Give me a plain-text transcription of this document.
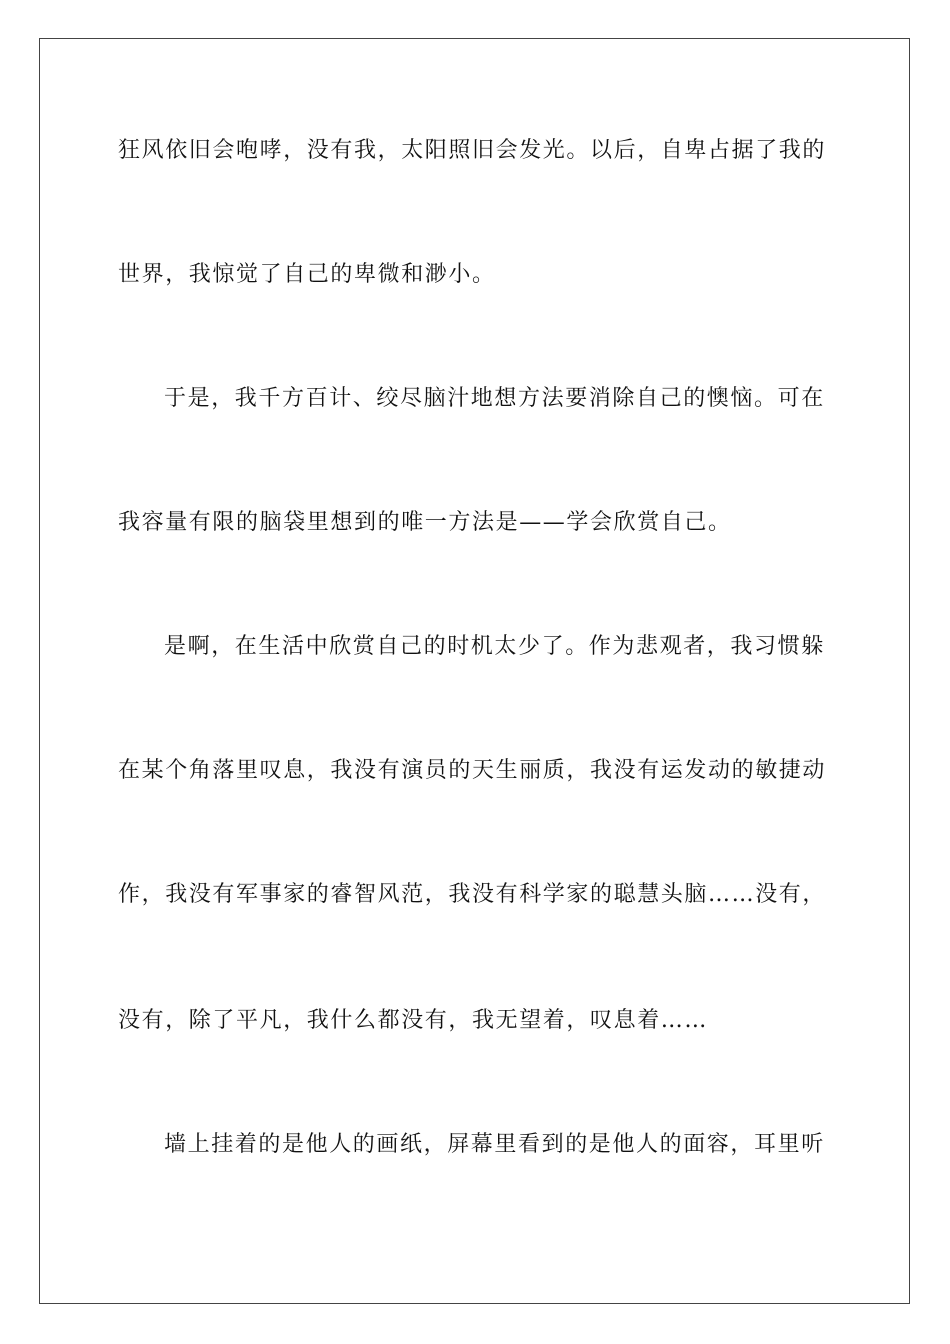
狂风依旧会咆哮，没有我，太阳照旧会发光。以后，自卑占据了我的
世界，我惊觉了自己的卑微和渺小。
于是，我千方百计、绞尽脑汁地想方法要消除自己的懊恼。可在
我容量有限的脑袋里想到的唯一方法是——学会欣赏自己。
是啊，在生活中欣赏自己的时机太少了。作为悲观者，我习惯躲
在某个角落里叹息，我没有演员的天生丽质，我没有运发动的敏捷动
作，我没有军事家的睿智风范，我没有科学家的聪慧头脑……没有，
没有，除了平凡，我什么都没有，我无望着，叹息着……
墙上挂着的是他人的画纸，屏幕里看到的是他人的面容，耳里听
